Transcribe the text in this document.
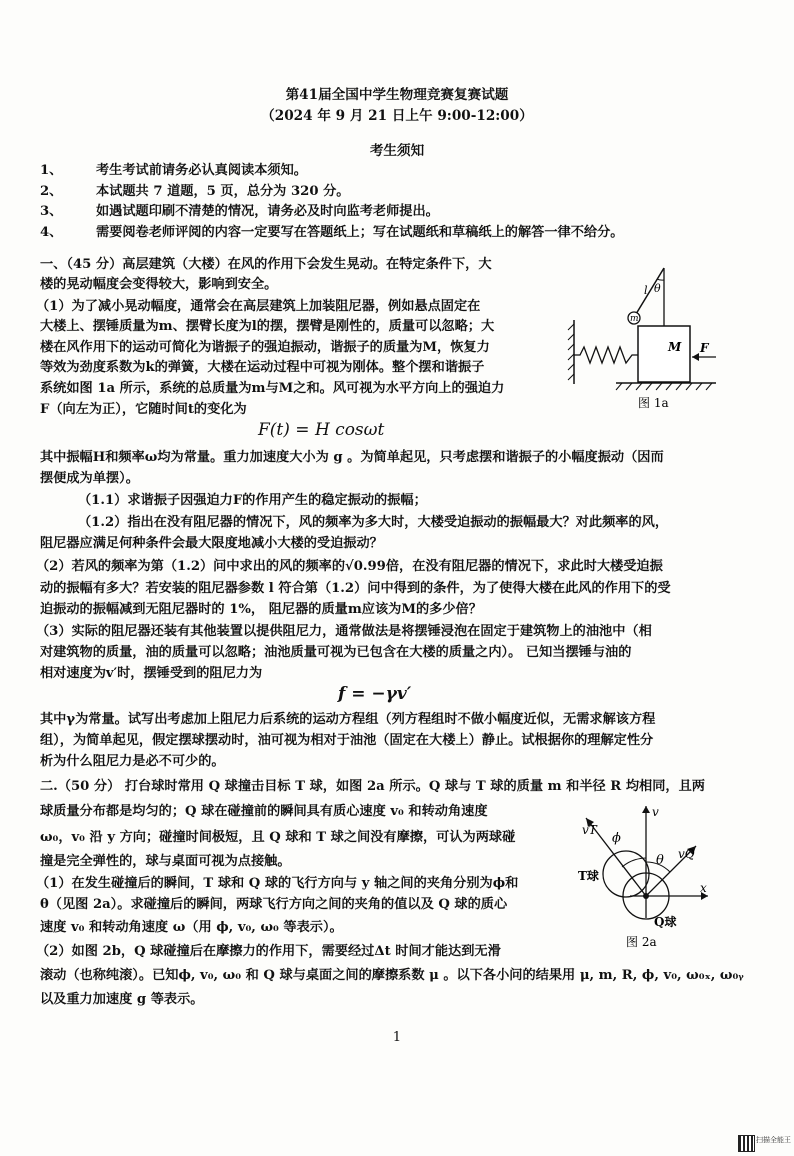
第41届全国中学生物理竞赛复赛试题
（2024 年 9 月 21 日上午 9:00-12:00）
考生须知
1、	考生考试前请务必认真阅读本须知。
2、	本试题共 7 道题，5 页，总分为 320 分。
3、	如遇试题印刷不清楚的情况，请务必及时向监考老师提出。
4、	需要阅卷老师评阅的内容一定要写在答题纸上；写在试题纸和草稿纸上的解答一律不给分。
一、（45 分）高层建筑（大楼）在风的作用下会发生晃动。在特定条件下，大
楼的晃动幅度会变得较大，影响到安全。
（1）为了减小晃动幅度，通常会在高层建筑上加装阻尼器，例如悬点固定在
大楼上、摆锤质量为m、摆臂长度为l的摆，摆臂是刚性的，质量可以忽略；大
楼在风作用下的运动可简化为谐振子的强迫振动，谐振子的质量为M，恢复力
等效为劲度系数为k的弹簧，大楼在运动过程中可视为刚体。整个摆和谐振子
系统如图 1a 所示，系统的总质量为m与M之和。风可视为水平方向上的强迫力
F（向左为正），它随时间t的变化为
F(t) = H cosωt
其中振幅H和频率ω均为常量。重力加速度大小为 g 。为简单起见，只考虑摆和谐振子的小幅度振动（因而
摆便成为单摆）。
（1.1）求谐振子因强迫力F的作用产生的稳定振动的振幅；
（1.2）指出在没有阻尼器的情况下，风的频率为多大时，大楼受迫振动的振幅最大？对此频率的风，
阻尼器应满足何种条件会最大限度地减小大楼的受迫振动？
（2）若风的频率为第（1.2）问中求出的风的频率的√0.99倍，在没有阻尼器的情况下，求此时大楼受迫振
动的振幅有多大？若安装的阻尼器参数 l 符合第（1.2）问中得到的条件，为了使得大楼在此风的作用下的受
迫振动的振幅减到无阻尼器时的 1%， 阻尼器的质量m应该为M的多少倍？
（3）实际的阻尼器还装有其他装置以提供阻尼力，通常做法是将摆锤浸泡在固定于建筑物上的油池中（相
对建筑物的质量，油的质量可以忽略；油池质量可视为已包含在大楼的质量之内）。 已知当摆锤与油的
相对速度为v′时，摆锤受到的阻尼力为
f = −γv′
其中γ为常量。试写出考虑加上阻尼力后系统的运动方程组（列方程组时不做小幅度近似，无需求解该方程
组），为简单起见，假定摆球摆动时，油可视为相对于油池（固定在大楼上）静止。试根据你的理解定性分
析为什么阻尼力是必不可少的。
M
θ
l
m
F
图 1a
二.（50 分） 打台球时常用 Q 球撞击目标 T 球，如图 2a 所示。Q 球与 T 球的质量 m 和半径 R 均相同，且两
球质量分布都是均匀的；Q 球在碰撞前的瞬间具有质心速度 v₀ 和转动角速度
ω₀，v₀ 沿 y 方向；碰撞时间极短，且 Q 球和 T 球之间没有摩擦，可认为两球碰
撞是完全弹性的，球与桌面可视为点接触。
（1）在发生碰撞后的瞬间，T 球和 Q 球的飞行方向与 y 轴之间的夹角分别为ϕ和
θ（见图 2a）。求碰撞后的瞬间，两球飞行方向之间的夹角的值以及 Q 球的质心
速度 v₀ 和转动角速度 ω（用 ϕ, v₀, ω₀ 等表示）。
（2）如图 2b，Q 球碰撞后在摩擦力的作用下，需要经过Δt 时间才能达到无滑
滚动（也称纯滚）。已知ϕ, v₀, ω₀ 和 Q 球与桌面之间的摩擦系数 μ 。以下各小问的结果用 μ, m, R, ϕ, v₀, ω₀ₓ, ω₀ᵧ
以及重力加速度 g 等表示。
x
v
T球
Q球
vT
vQ
ϕ
θ
图 2a
1
扫描全能王
